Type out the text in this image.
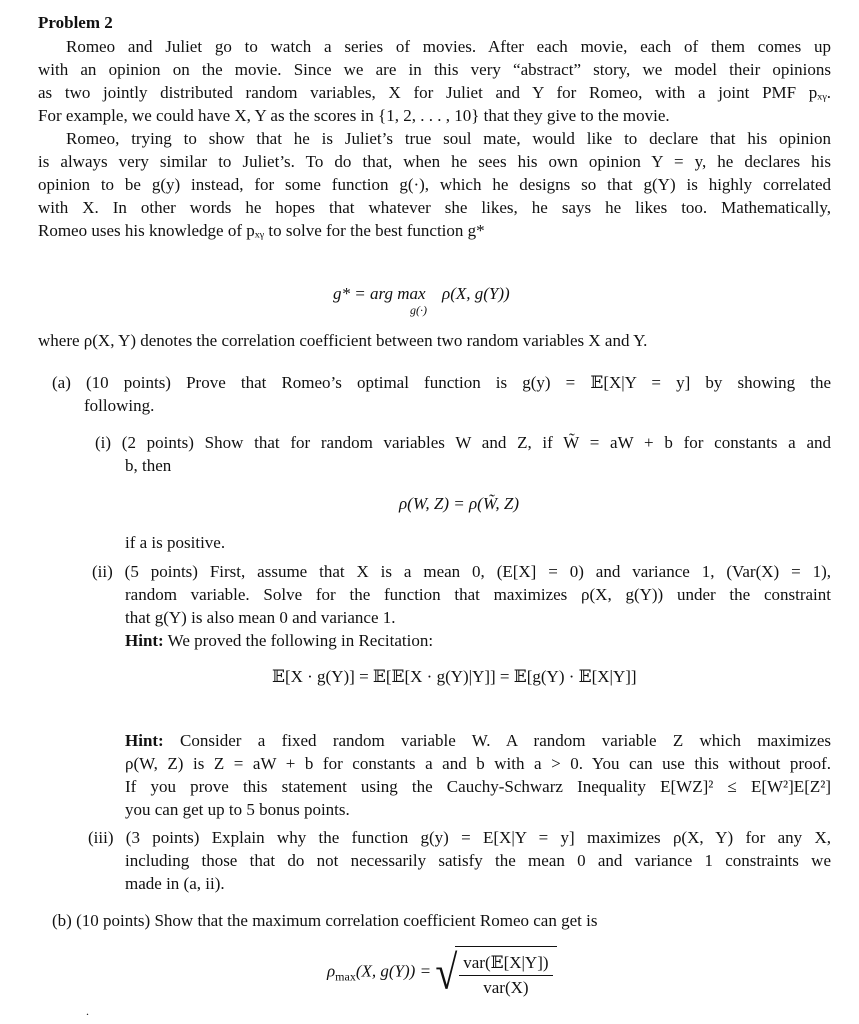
Problem 2
Romeo and Juliet go to watch a series of movies. After each movie, each of them comes up
with an opinion on the movie. Since we are in this very “abstract” story, we model their opinions
as two jointly distributed random variables, X for Juliet and Y for Romeo, with a joint PMF pₓᵧ.
For example, we could have X, Y as the scores in {1, 2, . . . , 10} that they give to the movie.
Romeo, trying to show that he is Juliet’s true soul mate, would like to declare that his opinion
is always very similar to Juliet’s. To do that, when he sees his own opinion Y = y, he declares his
opinion to be g(y) instead, for some function g(·), which he designs so that g(Y) is highly correlated
with X. In other words he hopes that whatever she likes, he says he likes too. Mathematically,
Romeo uses his knowledge of pₓᵧ to solve for the best function g*
g* = arg max ρ(X, g(Y))
g(·)
where ρ(X, Y) denotes the correlation coefficient between two random variables X and Y.
(a) (10 points) Prove that Romeo’s optimal function is g(y) = 𝔼[X|Y = y] by showing the
following.
(i) (2 points) Show that for random variables W and Z, if W̃ = aW + b for constants a and
b, then
ρ(W, Z) = ρ(W̃, Z)
if a is positive.
(ii) (5 points) First, assume that X is a mean 0, (E[X] = 0) and variance 1, (Var(X) = 1),
random variable. Solve for the function that maximizes ρ(X, g(Y)) under the constraint
that g(Y) is also mean 0 and variance 1.
Hint: We proved the following in Recitation:
𝔼[X · g(Y)] = 𝔼[𝔼[X · g(Y)|Y]] = 𝔼[g(Y) · 𝔼[X|Y]]
Hint: Consider a fixed random variable W. A random variable Z which maximizes
ρ(W, Z) is Z = aW + b for constants a and b with a > 0. You can use this without proof.
If you prove this statement using the Cauchy-Schwarz Inequality E[WZ]² ≤ E[W²]E[Z²]
you can get up to 5 bonus points.
(iii) (3 points) Explain why the function g(y) = E[X|Y = y] maximizes ρ(X, Y) for any X,
including those that do not necessarily satisfy the mean 0 and variance 1 constraints we
made in (a, ii).
(b) (10 points) Show that the maximum correlation coefficient Romeo can get is
$\rho_{max}(X$, g(Y)) = √ $\frac{\text{var(𝔼[X|Y])}}{\text{var(X)}}$
.
